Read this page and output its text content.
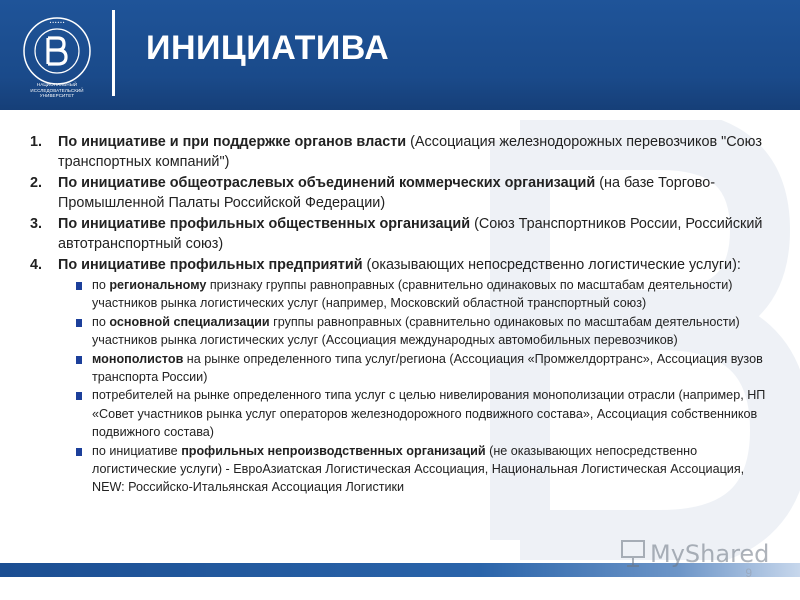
• • • • • •
НАЦИОНАЛЬНЫЙ ИССЛЕДОВАТЕЛЬСКИЙ УНИВЕРСИТЕТ
ИНИЦИАТИВА
1.	По инициативе и при поддержке органов власти (Ассоциация железнодорожных перевозчиков "Союз транспортных компаний")
2.	По инициативе общеотраслевых объединений коммерческих организаций (на базе Торгово-Промышленной Палаты Российской Федерации)
3.	По инициативе профильных общественных организаций (Союз Транспортников России, Российский автотранспортный союз)
4.	По инициативе профильных предприятий (оказывающих непосредственно логистические услуги):
по региональному признаку группы равноправных (сравнительно одинаковых по масштабам деятельности) участников рынка логистических услуг (например, Московский областной транспортный союз)
по основной специализации группы равноправных (сравнительно одинаковых по масштабам деятельности) участников рынка логистических услуг (Ассоциация международных автомобильных перевозчиков)
монополистов на рынке определенного типа услуг/региона (Ассоциация «Промжелдортранс», Ассоциация вузов транспорта России)
потребителей на рынке определенного типа услуг с целью нивелирования монополизации отрасли (например, НП «Совет участников рынка услуг операторов железнодорожного подвижного состава», Ассоциация собственников подвижного состава)
по инициативе профильных непроизводственных организаций (не оказывающих непосредственно логистические услуги) - ЕвроАзиатская Логистическая Ассоциация, Национальная Логистическая Ассоциация, NEW: Российско-Итальянская Ассоциация Логистики
MyShared
9
